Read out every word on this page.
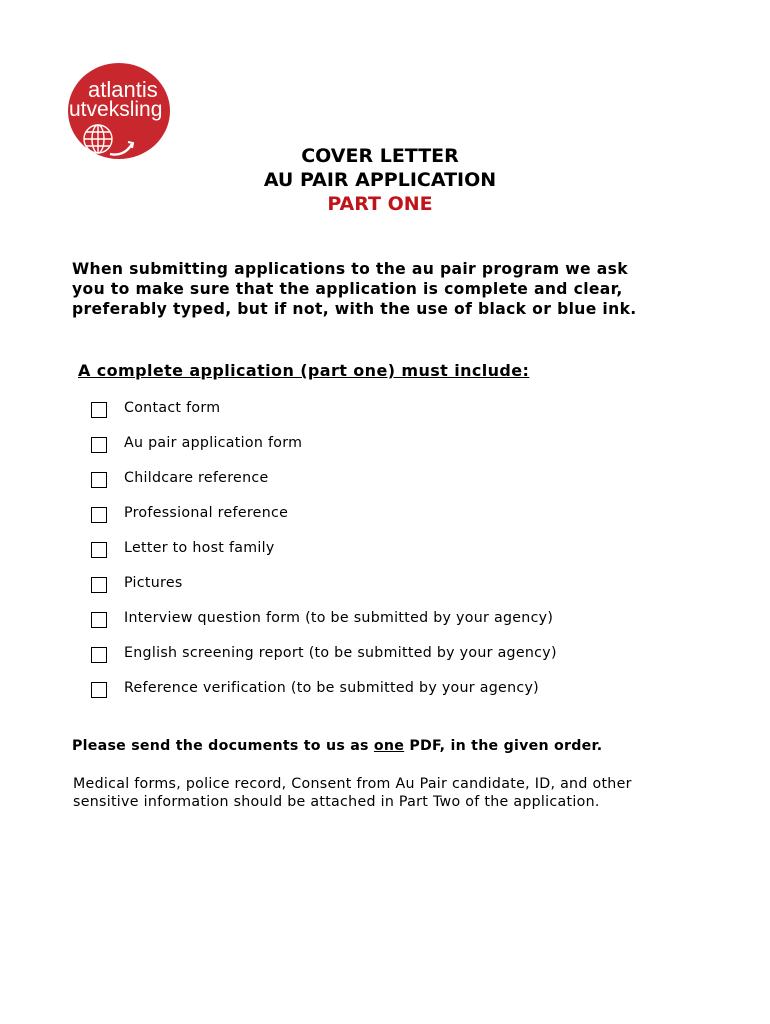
atlantis
utveksling
COVER LETTER
AU PAIR APPLICATION
PART ONE
When submitting applications to the au pair program we ask
you to make sure that the application is complete and clear,
preferably typed, but if not, with the use of black or blue ink.
A complete application (part one) must include:
Contact form
Au pair application form
Childcare reference
Professional reference
Letter to host family
Pictures
Interview question form (to be submitted by your agency)
English screening report (to be submitted by your agency)
Reference verification (to be submitted by your agency)
Please send the documents to us as one PDF, in the given order.
Medical forms, police record, Consent from Au Pair candidate, ID, and other
sensitive information should be attached in Part Two of the application.
